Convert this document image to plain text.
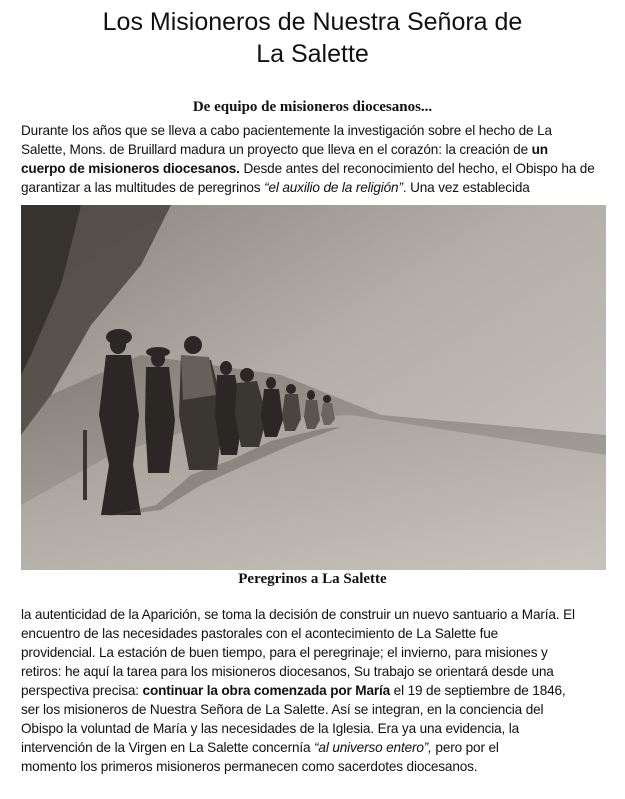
Los Misioneros de Nuestra Señora de
La Salette
De equipo de misioneros diocesanos...
Durante los años que se lleva a cabo pacientemente la investigación sobre el hecho de La
Salette, Mons. de Bruillard madura un proyecto que lleva en el corazón: la creación de un
cuerpo de misioneros diocesanos. Desde antes del reconocimiento del hecho, el Obispo ha de
garantizar a las multitudes de peregrinos “el auxilio de la religión”. Una vez establecida
Peregrinos a La Salette
la autenticidad de la Aparición, se toma la decisión de construir un nuevo santuario a María. El
encuentro de las necesidades pastorales con el acontecimiento de La Salette fue
providencial. La estación de buen tiempo, para el peregrinaje; el invierno, para misiones y
retiros: he aquí la tarea para los misioneros diocesanos, Su trabajo se orientará desde una
perspectiva precisa: continuar la obra comenzada por María el 19 de septiembre de 1846,
ser los misioneros de Nuestra Señora de La Salette. Así se integran, en la conciencia del
Obispo la voluntad de María y las necesidades de la Iglesia. Era ya una evidencia, la
intervención de la Virgen en La Salette concernía “al universo entero”, pero por el
momento los primeros misioneros permanecen como sacerdotes diocesanos.
